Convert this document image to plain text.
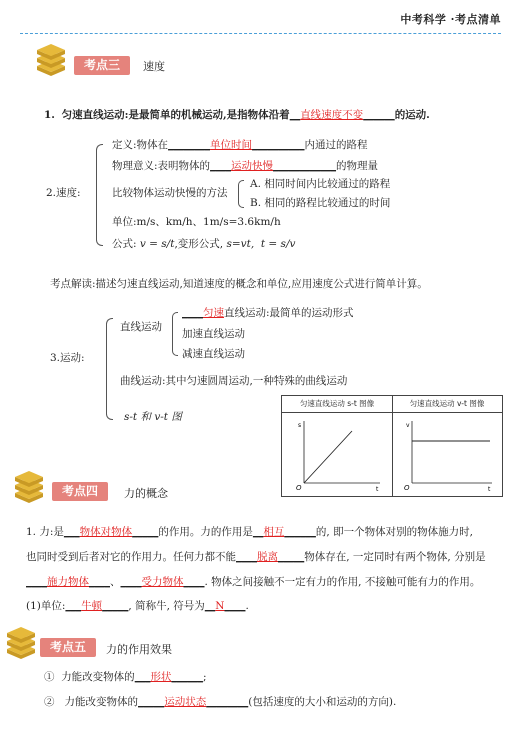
中考科学 ·考点清单
考点三	速度
1. 匀速直线运动:是最简单的机械运动,是指物体沿着__直线速度不变______的运动.
2.速度:
定义:物体在________单位时间__________内通过的路程
物理意义:表明物体的____运动快慢____________的物理量
比较物体运动快慢的方法
A. 相同时间内比较通过的路程
B. 相同的路程比较通过的时间
单位:m/s、km/h、1m/s=3.6km/h
公式: v = s/t,变形公式, s=vt, t = s/v
考点解读:描述匀速直线运动,知道速度的概念和单位,应用速度公式进行简单计算。
3.运动:
直线运动
____匀速直线运动:最简单的运动形式
加速直线运动
减速直线运动
曲线运动:其中匀速圆周运动,一种特殊的曲线运动
s-t 和 v-t 图
匀速直线运动 s-t 图像	匀速直线运动 v-t 图像
s
t
O
v
t
O
考点四	力的概念
1. 力:是___物体对物体_____的作用。力的作用是__相互______的, 即一个物体对别的物体施力时,
也同时受到后者对它的作用力。任何力都不能____脱离_____物体存在, 一定同时有两个物体, 分别是
____施力物体____、____受力物体____. 物体之间接触不一定有力的作用, 不接触可能有力的作用。
(1)单位:___牛顿_____, 简称牛, 符号为__N____.
考点五	力的作用效果
① 力能改变物体的___形状______;
② 力能改变物体的_____运动状态________(包括速度的大小和运动的方向).
